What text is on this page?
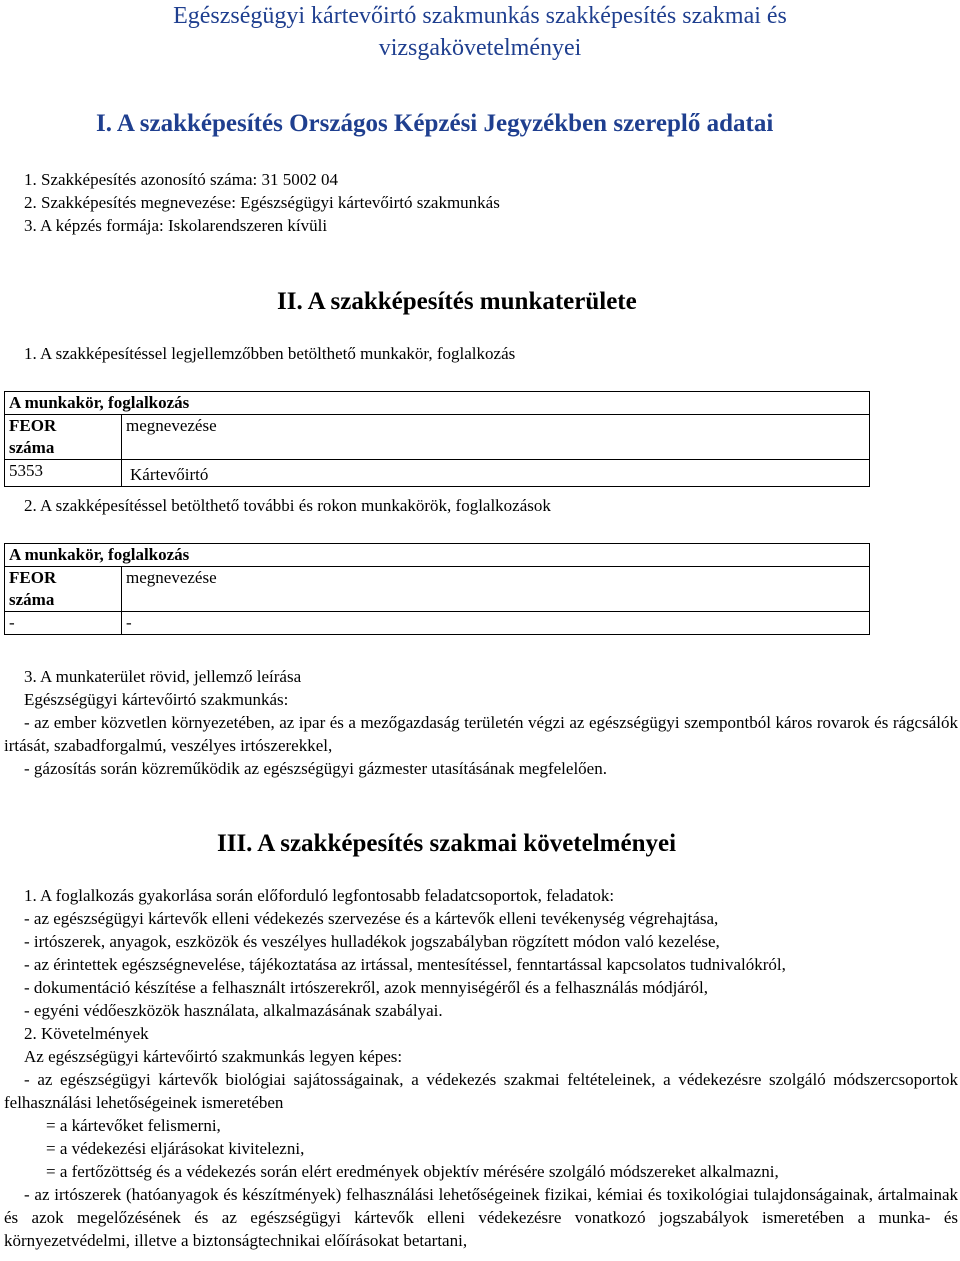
Egészségügyi kártevőirtó szakmunkás szakképesítés szakmai és
vizsgakövetelményei
I. A szakképesítés Országos Képzési Jegyzékben szereplő adatai
1. Szakképesítés azonosító száma: 31 5002 04
2. Szakképesítés megnevezése: Egészségügyi kártevőirtó szakmunkás
3. A képzés formája: Iskolarendszeren kívüli
II. A szakképesítés munkaterülete
1. A szakképesítéssel legjellemzőbben betölthető munkakör, foglalkozás
A munkakör, foglalkozás	

FEOR
száma	megnevezése
5353	Kártevőirtó
2. A szakképesítéssel betölthető további és rokon munkakörök, foglalkozások
A munkakör, foglalkozás	

FEOR
száma	megnevezése
-	-
3. A munkaterület rövid, jellemző leírása
Egészségügyi kártevőirtó szakmunkás:
- az ember közvetlen környezetében, az ipar és a mezőgazdaság területén végzi az egészségügyi szempontból káros rovarok és rágcsálók irtását, szabadforgalmú, veszélyes irtószerekkel,
- gázosítás során közreműködik az egészségügyi gázmester utasításának megfelelően.
III. A szakképesítés szakmai követelményei
1. A foglalkozás gyakorlása során előforduló legfontosabb feladatcsoportok, feladatok:
- az egészségügyi kártevők elleni védekezés szervezése és a kártevők elleni tevékenység végrehajtása,
- irtószerek, anyagok, eszközök és veszélyes hulladékok jogszabályban rögzített módon való kezelése,
- az érintettek egészségnevelése, tájékoztatása az irtással, mentesítéssel, fenntartással kapcsolatos tudnivalókról,
- dokumentáció készítése a felhasznált irtószerekről, azok mennyiségéről és a felhasználás módjáról,
- egyéni védőeszközök használata, alkalmazásának szabályai.
2. Követelmények
Az egészségügyi kártevőirtó szakmunkás legyen képes:
- az egészségügyi kártevők biológiai sajátosságainak, a védekezés szakmai feltételeinek, a védekezésre szolgáló módszercsoportok felhasználási lehetőségeinek ismeretében
= a kártevőket felismerni,
= a védekezési eljárásokat kivitelezni,
= a fertőzöttség és a védekezés során elért eredmények objektív mérésére szolgáló módszereket alkalmazni,
- az irtószerek (hatóanyagok és készítmények) felhasználási lehetőségeinek fizikai, kémiai és toxikológiai tulajdonságainak, ártalmainak és azok megelőzésének és az egészségügyi kártevők elleni védekezésre vonatkozó jogszabályok ismeretében a munka- és környezetvédelmi, illetve a biztonságtechnikai előírásokat betartani,
